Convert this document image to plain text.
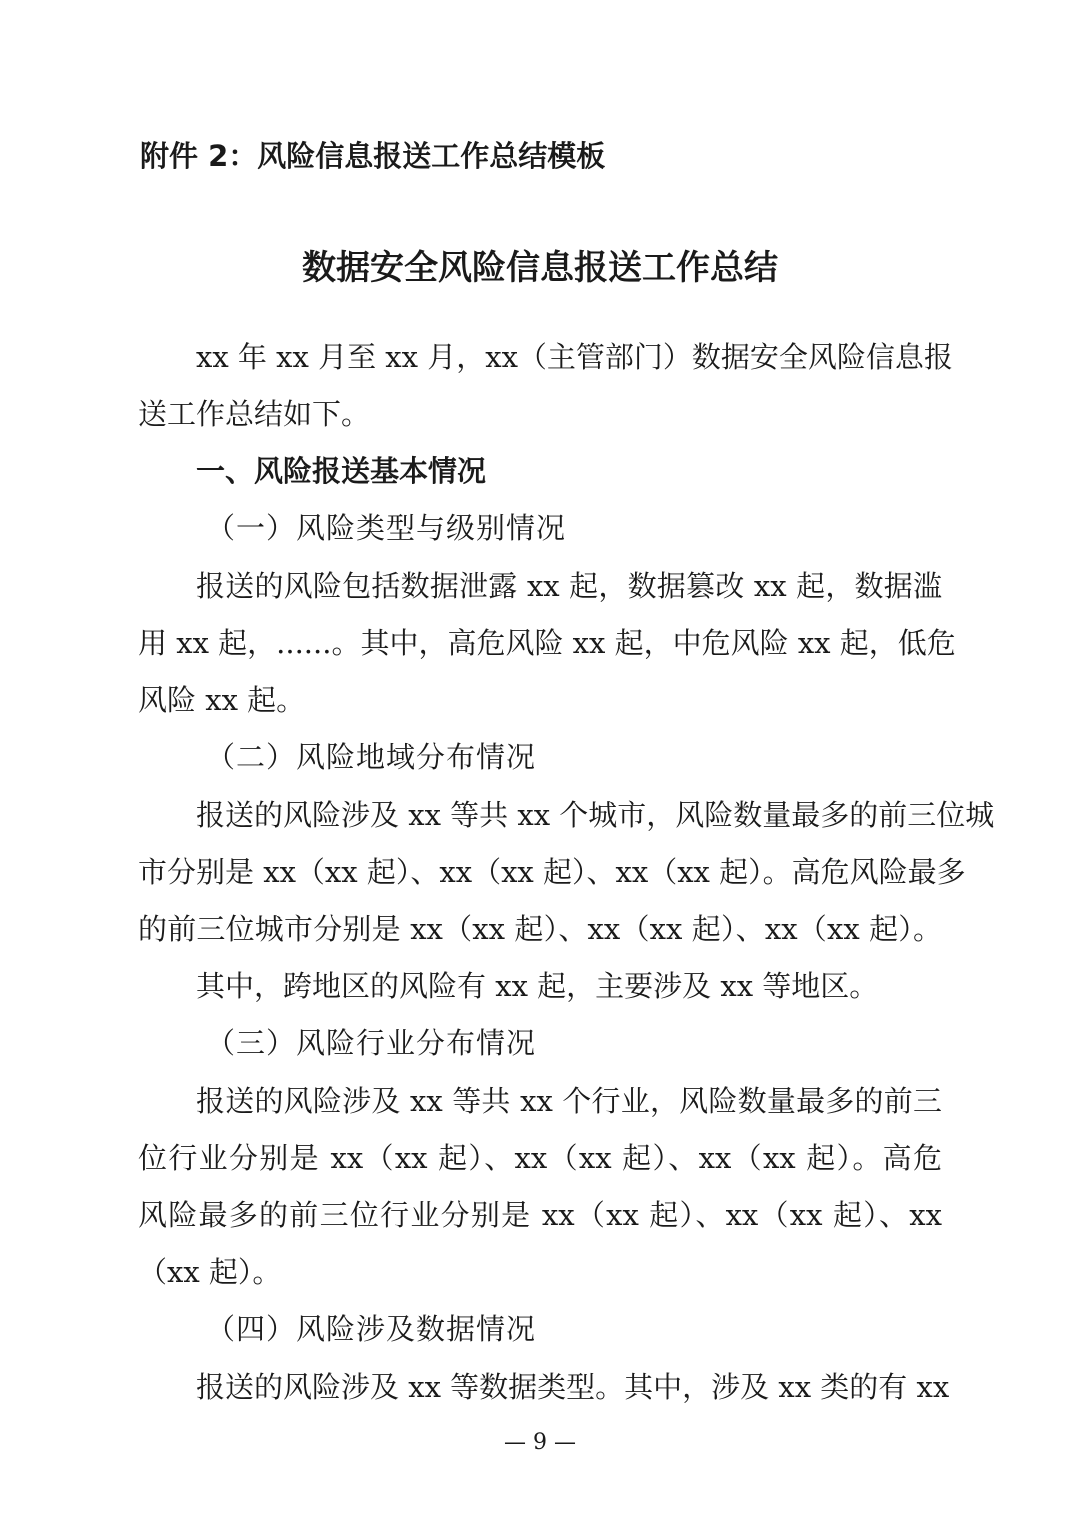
附件 2：风险信息报送工作总结模板
数据安全风险信息报送工作总结

xx 年 xx 月至 xx 月，xx（主管部门）数据安全风险信息报

送工作总结如下。

一、风险报送基本情况

（一）风险类型与级别情况

报送的风险包括数据泄露 xx 起，数据篡改 xx 起，数据滥

用 xx 起，......。其中，高危风险 xx 起，中危风险 xx 起，低危

风险 xx 起。

（二）风险地域分布情况

报送的风险涉及 xx 等共 xx 个城市，风险数量最多的前三位城

市分别是 xx（xx 起）、xx（xx 起）、xx（xx 起）。高危风险最多

的前三位城市分别是 xx（xx 起）、xx（xx 起）、xx（xx 起）。

其中，跨地区的风险有 xx 起，主要涉及 xx 等地区。

（三）风险行业分布情况

报送的风险涉及 xx 等共 xx 个行业，风险数量最多的前三

位行业分别是 xx（xx 起）、xx（xx 起）、xx（xx 起）。高危

风险最多的前三位行业分别是 xx（xx 起）、xx（xx 起）、xx

（xx 起）。

（四）风险涉及数据情况

报送的风险涉及 xx 等数据类型。其中，涉及 xx 类的有 xx

— 9 —
